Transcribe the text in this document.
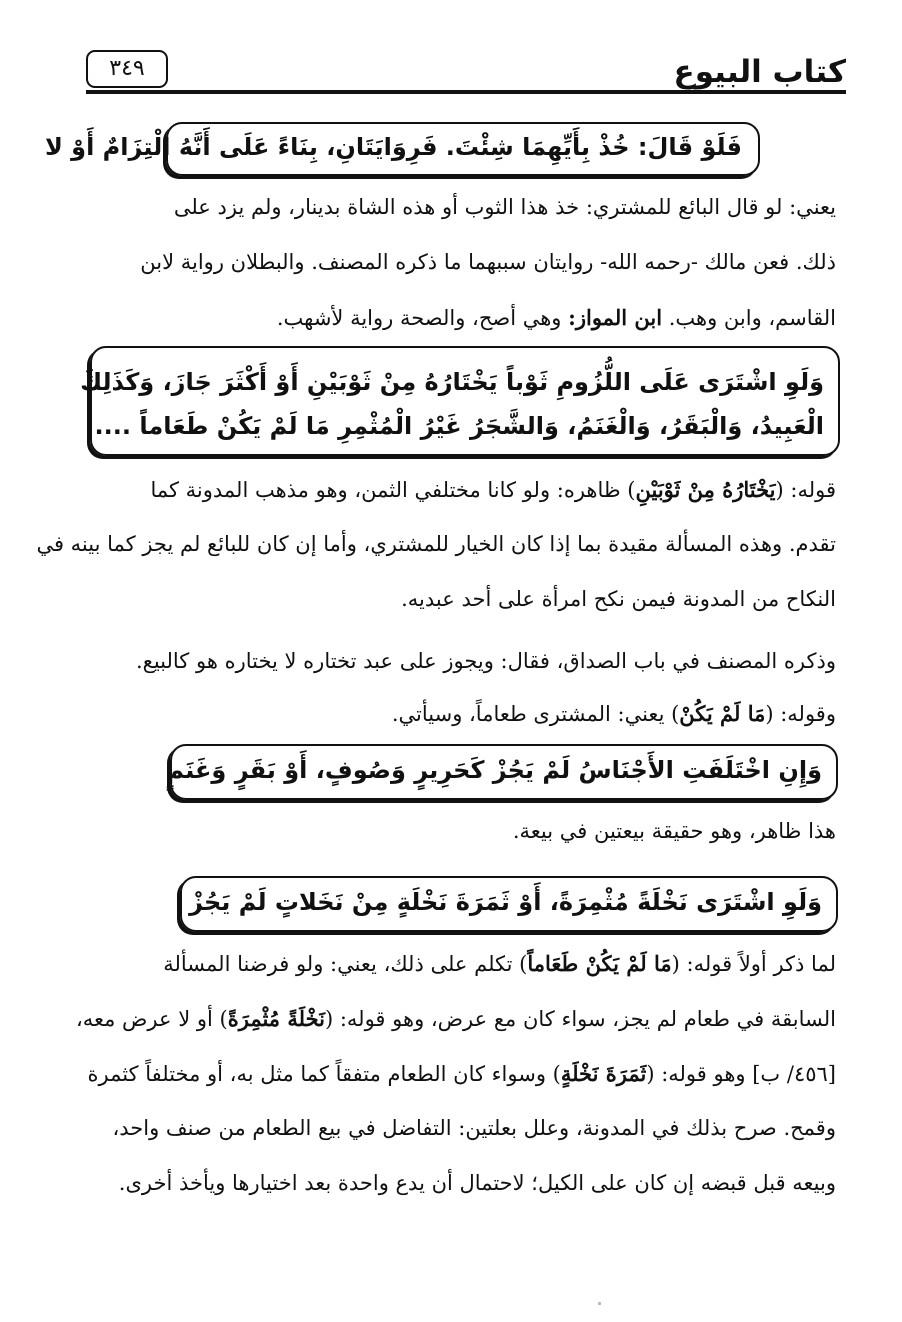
كتاب البيوع
٣٤٩
فَلَوْ قَالَ: خُذْ بِأَيِّهِمَا شِئْتَ. فَرِوَايَتَانِ، بِنَاءً عَلَى أَنَّهُ الْتِزَامٌ أَوْ لا
يعني: لو قال البائع للمشتري: خذ هذا الثوب أو هذه الشاة بدينار، ولم يزد على
ذلك. فعن مالك -رحمه الله- روايتان سببهما ما ذكره المصنف. والبطلان رواية لابن
القاسم، وابن وهب. ابن المواز: وهي أصح، والصحة رواية لأشهب.
وَلَوِ اشْتَرَى عَلَى اللُّزُومِ ثَوْباً يَخْتَارُهُ مِنْ ثَوْبَيْنِ أَوْ أَكْثَرَ جَازَ، وَكَذَلِكَ
الْعَبِيدُ، وَالْبَقَرُ، وَالْغَنَمُ، وَالشَّجَرُ غَيْرُ الْمُثْمِرِ مَا لَمْ يَكُنْ طَعَاماً ....
قوله: (يَخْتَارُهُ مِنْ ثَوْبَيْنِ) ظاهره: ولو كانا مختلفي الثمن، وهو مذهب المدونة كما
تقدم. وهذه المسألة مقيدة بما إذا كان الخيار للمشتري، وأما إن كان للبائع لم يجز كما بينه في
النكاح من المدونة فيمن نكح امرأة على أحد عبديه.
وذكره المصنف في باب الصداق، فقال: ويجوز على عبد تختاره لا يختاره هو كالبيع.
وقوله: (مَا لَمْ يَكُنْ) يعني: المشترى طعاماً، وسيأتي.
وَإِنِ اخْتَلَفَتِ الأَجْنَاسُ لَمْ يَجُزْ كَحَرِيرٍ وَصُوفٍ، أَوْ بَقَرٍ وَغَنَمٍ
هذا ظاهر، وهو حقيقة بيعتين في بيعة.
وَلَوِ اشْتَرَى نَخْلَةً مُثْمِرَةً، أَوْ ثَمَرَةَ نَخْلَةٍ مِنْ نَخَلاتٍ لَمْ يَجُزْ
لما ذكر أولاً قوله: (مَا لَمْ يَكُنْ طَعَاماً) تكلم على ذلك، يعني: ولو فرضنا المسألة
السابقة في طعام لم يجز، سواء كان مع عرض، وهو قوله: (نَخْلَةً مُثْمِرَةً) أو لا عرض معه،
[٤٥٦/ ب] وهو قوله: (ثَمَرَةَ نَخْلَةٍ) وسواء كان الطعام متفقاً كما مثل به، أو مختلفاً كثمرة
وقمح. صرح بذلك في المدونة، وعلل بعلتين: التفاضل في بيع الطعام من صنف واحد،
وبيعه قبل قبضه إن كان على الكيل؛ لاحتمال أن يدع واحدة بعد اختيارها ويأخذ أخرى.
